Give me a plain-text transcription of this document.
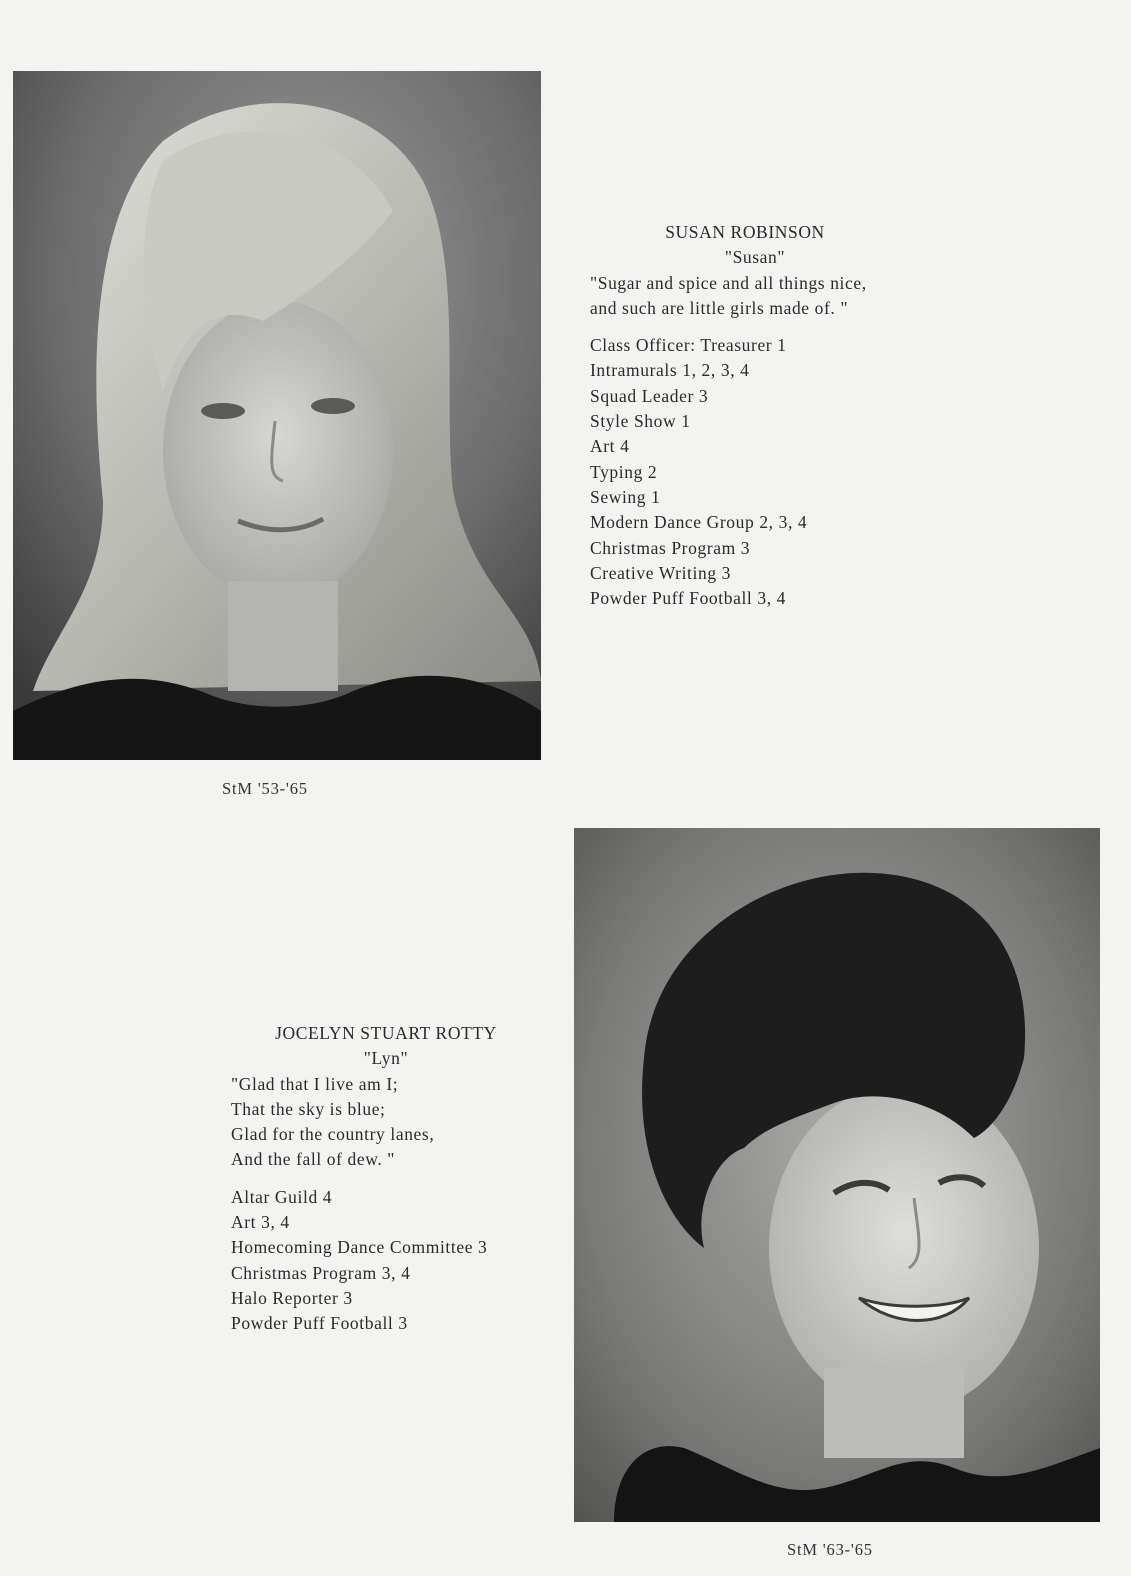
SUSAN ROBINSON
"Susan"
"Sugar and spice and all things nice,
and such are little girls made of. "
Class Officer: Treasurer 1
Intramurals 1, 2, 3, 4
Squad Leader 3
Style Show 1
Art 4
Typing 2
Sewing 1
Modern Dance Group 2, 3, 4
Christmas Program 3
Creative Writing 3
Powder Puff Football 3, 4
StM '53-'65
JOCELYN STUART ROTTY
"Lyn"
"Glad that I live am I;
That the sky is blue;
Glad for the country lanes,
And the fall of dew. "
Altar Guild 4
Art 3, 4
Homecoming Dance Committee 3
Christmas Program 3, 4
Halo Reporter 3
Powder Puff Football 3
StM '63-'65
